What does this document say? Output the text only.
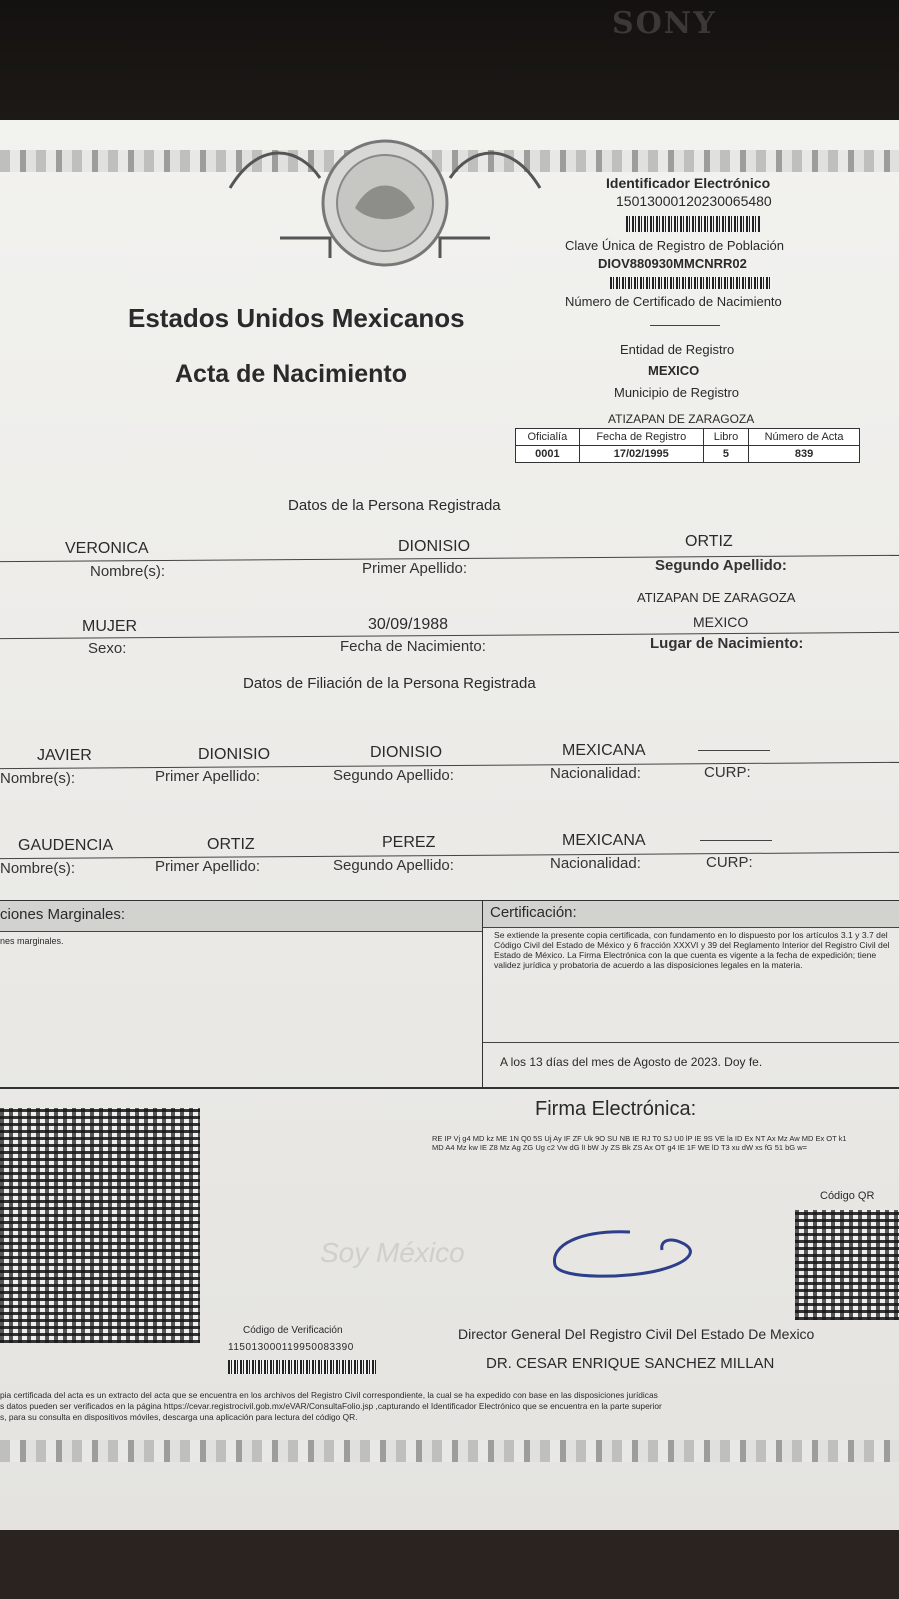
SONY
Identificador Electrónico
15013000120230065480
Clave Única de Registro de Población
DIOV880930MMCNRR02
Número de Certificado de Nacimiento
Estados Unidos Mexicanos
Acta de Nacimiento
Entidad de Registro
MEXICO
Municipio de Registro
ATIZAPAN DE ZARAGOZA
Oficialía	Fecha de Registro	Libro	Número de Acta
0001	17/02/1995	5	839
Datos de la Persona Registrada
VERONICA	DIONISIO	ORTIZ
Nombre(s):	Primer Apellido:	Segundo Apellido:
ATIZAPAN DE ZARAGOZA
MUJER	30/09/1988	MEXICO
Sexo:	Fecha de Nacimiento:	Lugar de Nacimiento:
Datos de Filiación de la Persona Registrada
JAVIER	DIONISIO	DIONISIO	MEXICANA
Nombre(s):	Primer Apellido:	Segundo Apellido:	Nacionalidad:	CURP:
GAUDENCIA	ORTIZ	PEREZ	MEXICANA
Nombre(s):	Primer Apellido:	Segundo Apellido:	Nacionalidad:	CURP:
ciones Marginales:
nes marginales.
Certificación:
Se extiende la presente copia certificada, con fundamento en lo dispuesto por los artículos 3.1 y 3.7 del Código Civil del Estado de México y 6 fracción XXXVI y 39 del Reglamento Interior del Registro Civil del Estado de México. La Firma Electrónica con la que cuenta es vigente a la fecha de expedición; tiene validez jurídica y probatoria de acuerdo a las disposiciones legales en la materia.
A los 13 días del mes de Agosto de 2023. Doy fe.
Soy México
Firma Electrónica:
RE IP Vj g4 MD kz ME 1N Q0 5S Uj Ay IF ZF Uk 9O SU NB IE RJ T0 SJ U0 lP IE 9S VE la ID Ex NT Ax Mz Aw MD Ex OT k1 MD A4 Mz kw IE Z8 Mz Ag ZG Ug c2 Vw dG lI bW Jy ZS Bk ZS Ax OT g4 IE 1F WE lD T3 xu dW xs fG 51 bG w=
Código QR
Código de Verificación
115013000119950083390
Director General Del Registro Civil Del Estado De Mexico
DR. CESAR ENRIQUE SANCHEZ MILLAN
pia certificada del acta es un extracto del acta que se encuentra en los archivos del Registro Civil correspondiente, la cual se ha expedido con base en las disposiciones jurídicas
s datos pueden ser verificados en la página https://cevar.registrocivil.gob.mx/eVAR/ConsultaFolio.jsp ,capturando el Identificador Electrónico que se encuentra en la parte superior
s, para su consulta en dispositivos móviles, descarga una aplicación para lectura del código QR.
